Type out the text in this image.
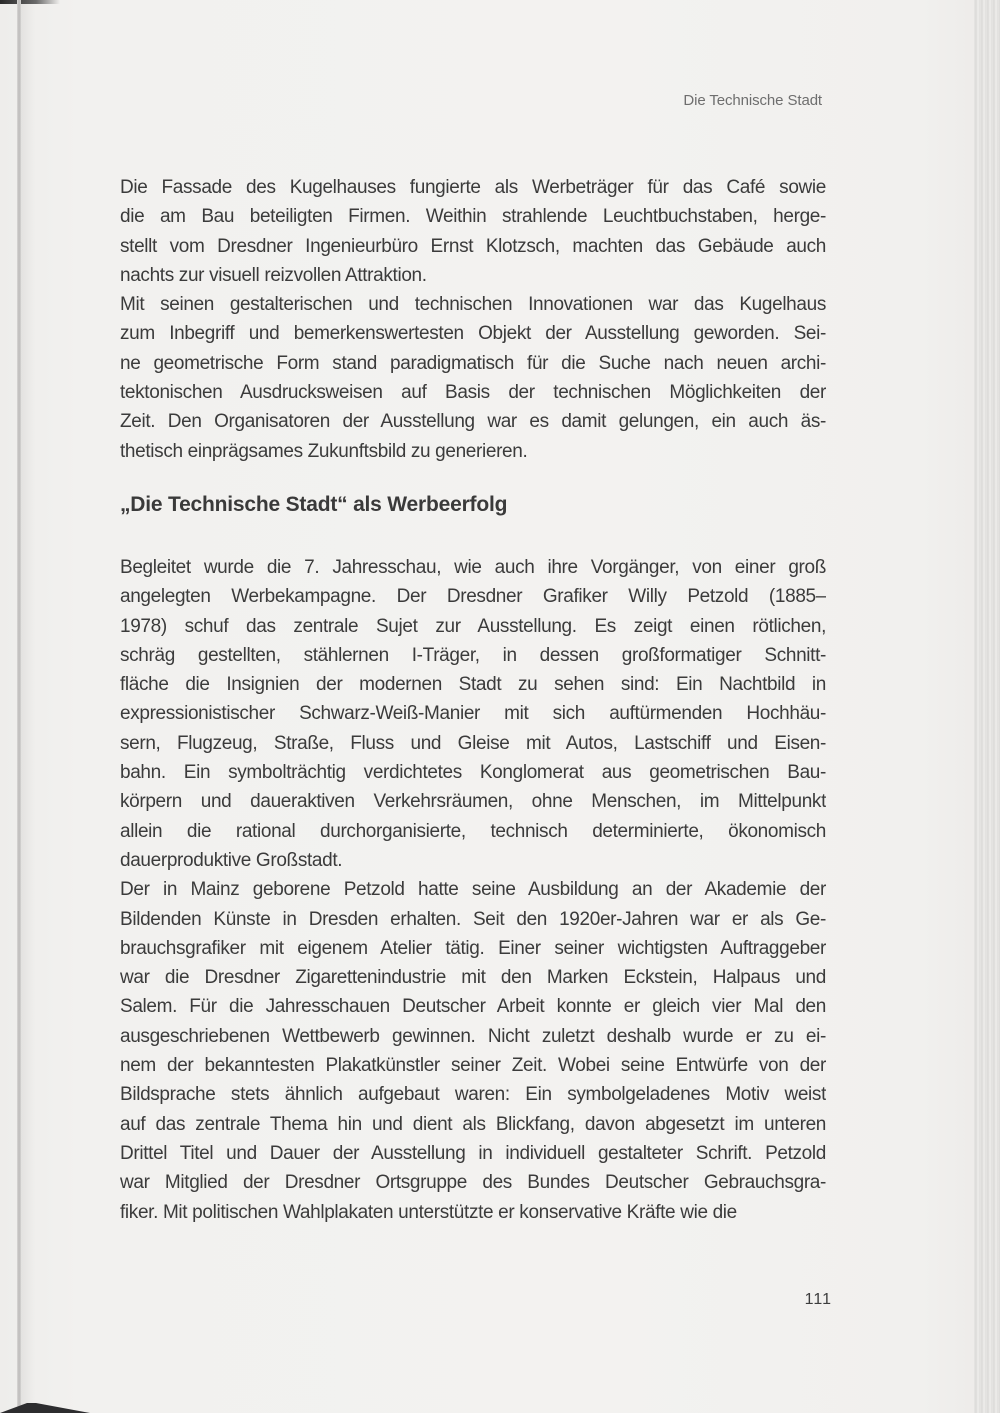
Die Technische Stadt
Die Fassade des Kugelhauses fungierte als Werbeträger für das Café sowie
die am Bau beteiligten Firmen. Weithin strahlende Leuchtbuchstaben, herge-
stellt vom Dresdner Ingenieurbüro Ernst Klotzsch, machten das Gebäude auch
nachts zur visuell reizvollen Attraktion.
Mit seinen gestalterischen und technischen Innovationen war das Kugelhaus
zum Inbegriff und bemerkenswertesten Objekt der Ausstellung geworden. Sei-
ne geometrische Form stand paradigmatisch für die Suche nach neuen archi-
tektonischen Ausdrucksweisen auf Basis der technischen Möglichkeiten der
Zeit. Den Organisatoren der Ausstellung war es damit gelungen, ein auch äs-
thetisch einprägsames Zukunftsbild zu generieren.
„Die Technische Stadt“ als Werbeerfolg
Begleitet wurde die 7. Jahresschau, wie auch ihre Vorgänger, von einer groß
angelegten Werbekampagne. Der Dresdner Grafiker Willy Petzold (1885–
1978) schuf das zentrale Sujet zur Ausstellung. Es zeigt einen rötlichen,
schräg gestellten, stählernen I-Träger, in dessen großformatiger Schnitt-
fläche die Insignien der modernen Stadt zu sehen sind: Ein Nachtbild in
expressionistischer Schwarz-Weiß-Manier mit sich auftürmenden Hochhäu-
sern, Flugzeug, Straße, Fluss und Gleise mit Autos, Lastschiff und Eisen-
bahn. Ein symbolträchtig verdichtetes Konglomerat aus geometrischen Bau-
körpern und daueraktiven Verkehrsräumen, ohne Menschen, im Mittelpunkt
allein die rational durchorganisierte, technisch determinierte, ökonomisch
dauerproduktive Großstadt.
Der in Mainz geborene Petzold hatte seine Ausbildung an der Akademie der
Bildenden Künste in Dresden erhalten. Seit den 1920er-Jahren war er als Ge-
brauchsgrafiker mit eigenem Atelier tätig. Einer seiner wichtigsten Auftraggeber
war die Dresdner Zigarettenindustrie mit den Marken Eckstein, Halpaus und
Salem. Für die Jahresschauen Deutscher Arbeit konnte er gleich vier Mal den
ausgeschriebenen Wettbewerb gewinnen. Nicht zuletzt deshalb wurde er zu ei-
nem der bekanntesten Plakatkünstler seiner Zeit. Wobei seine Entwürfe von der
Bildsprache stets ähnlich aufgebaut waren: Ein symbolgeladenes Motiv weist
auf das zentrale Thema hin und dient als Blickfang, davon abgesetzt im unteren
Drittel Titel und Dauer der Ausstellung in individuell gestalteter Schrift. Petzold
war Mitglied der Dresdner Ortsgruppe des Bundes Deutscher Gebrauchsgra-
fiker. Mit politischen Wahlplakaten unterstützte er konservative Kräfte wie die
111
